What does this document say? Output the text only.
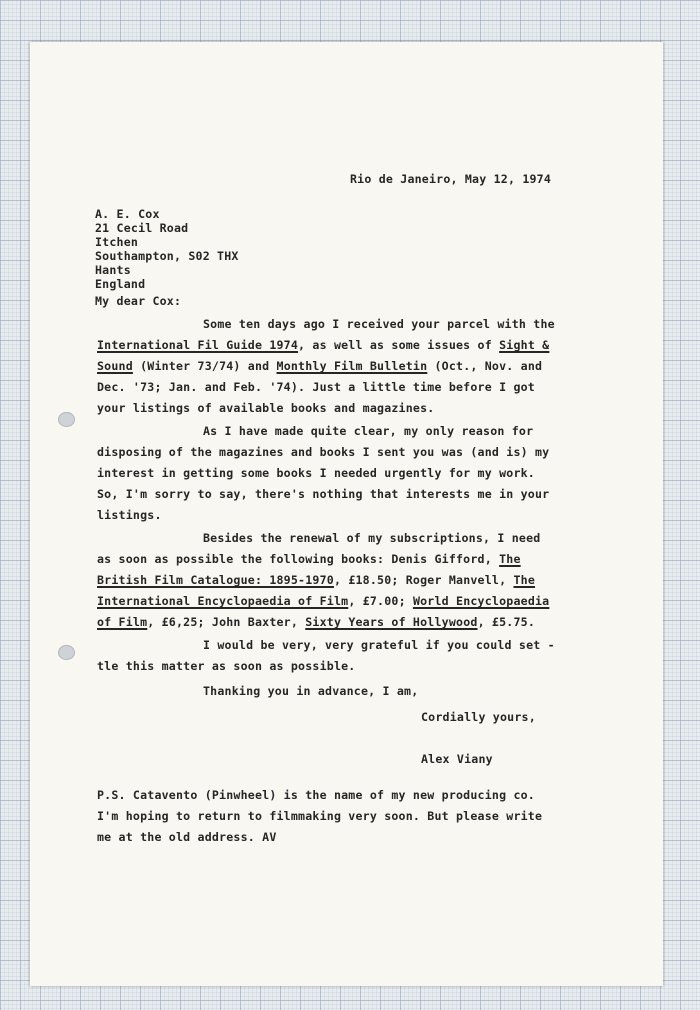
Rio de Janeiro, May 12, 1974

A. E. Cox

21 Cecil Road

Itchen

Southampton, S02 THX

Hants

England

My dear Cox:

Some ten days ago I received your parcel with the

International Fil Guide 1974, as well as some issues of Sight &

Sound (Winter 73/74) and Monthly Film Bulletin (Oct., Nov. and

Dec. '73; Jan. and Feb. '74). Just a little time before I got

your listings of available books and magazines.

As I have made quite clear, my only reason for

disposing of the magazines and books I sent you was (and is) my

interest in getting some books I needed urgently for my work.

So, I'm sorry to say, there's nothing that interests me in your

listings.

Besides the renewal of my subscriptions, I need

as soon as possible the following books: Denis Gifford, The

British Film Catalogue: 1895-1970, £18.50; Roger Manvell, The

International Encyclopaedia of Film, £7.00; World Encyclopaedia

of Film, £6,25; John Baxter, Sixty Years of Hollywood, £5.75.

I would be very, very grateful if you could set -

tle this matter as soon as possible.

Thanking you in advance, I am,

Cordially yours,

Alex Viany

P.S. Catavento (Pinwheel) is the name of my new producing co.

I'm hoping to return to filmmaking very soon. But please write

me at the old address. AV
